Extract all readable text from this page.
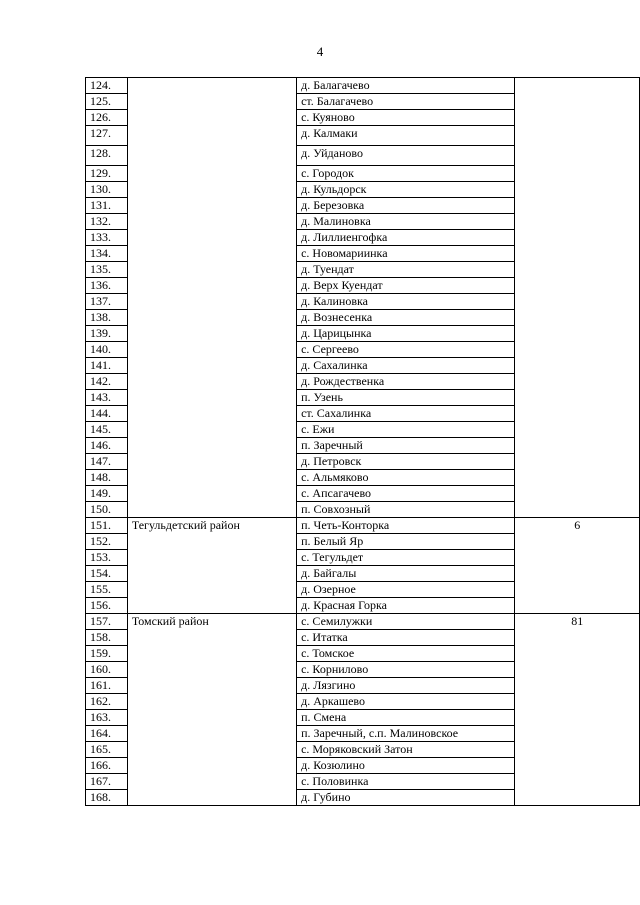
4
124.		д. Балагачево	
125.		ст. Балагачево	
126.		с. Куяново	
127.		д. Калмаки	
128.		д. Уйданово	
129.		с. Городок	
130.		д. Кульдорск	
131.		д. Березовка	
132.		д. Малиновка	
133.		д. Лиллиенгофка	
134.		с. Новомариинка	
135.		д. Туендат	
136.		д. Верх Куендат	
137.		д. Калиновка	
138.		д. Вознесенка	
139.		д. Царицынка	
140.		с. Сергеево	
141.		д. Сахалинка	
142.		д. Рождественка	
143.		п. Узень	
144.		ст. Сахалинка	
145.		с. Ежи	
146.		п. Заречный	
147.		д. Петровск	
148.		с. Альмяково	
149.		с. Апсагачево	
150.		п. Совхозный	
151.	Тегульдетский район	п. Четь-Конторка	6
152.		п. Белый Яр	
153.		с. Тегульдет	
154.		д. Байгалы	
155.		д. Озерное	
156.		д. Красная Горка	
157.	Томский район	с. Семилужки	81
158.		с. Итатка	
159.		с. Томское	
160.		с. Корнилово	
161.		д. Лязгино	
162.		д. Аркашево	
163.		п. Смена	
164.		п. Заречный, с.п. Малиновское	
165.		с. Моряковский Затон	
166.		д. Козюлино	
167.		с. Половинка	
168.		д. Губино	
